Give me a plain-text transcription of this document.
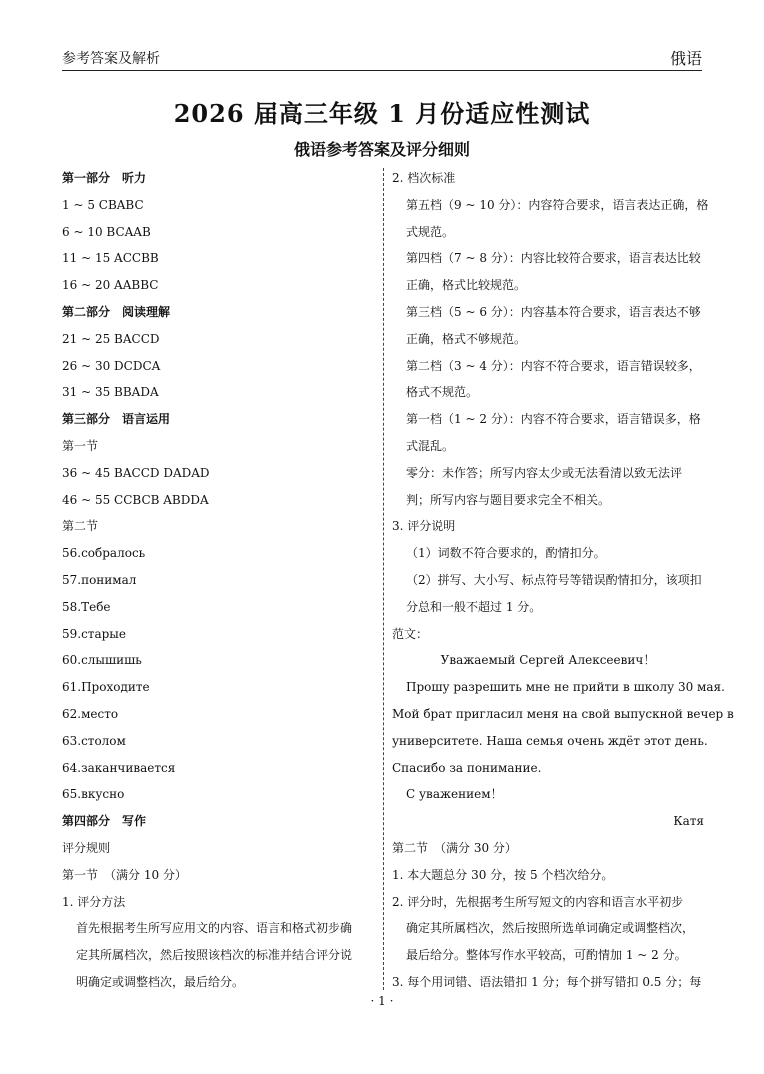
参考答案及解析	俄语
2026 届高三年级 1 月份适应性测试
俄语参考答案及评分细则
第一部分　听力
1 ~ 5 CBABC
6 ~ 10 BCAAB
11 ~ 15 ACCBB
16 ~ 20 AABBC
第二部分　阅读理解
21 ~ 25 BACCD
26 ~ 30 DCDCA
31 ~ 35 BBADA
第三部分　语言运用
第一节
36 ~ 45 BACCD DADAD
46 ~ 55 CCBCB ABDDA
第二节
56.собралось
57.понимал
58.Тебе
59.старые
60.слышишь
61.Проходите
62.место
63.столом
64.заканчивается
65.вкусно
第四部分　写作
评分规则
第一节　（满分 10 分）
1. 评分方法
首先根据考生所写应用文的内容、语言和格式初步确
定其所属档次，然后按照该档次的标准并结合评分说
明确定或调整档次，最后给分。
2. 档次标准
第五档（9 ~ 10 分）：内容符合要求，语言表达正确，格
式规范。
第四档（7 ~ 8 分）：内容比较符合要求，语言表达比较
正确，格式比较规范。
第三档（5 ~ 6 分）：内容基本符合要求，语言表达不够
正确，格式不够规范。
第二档（3 ~ 4 分）：内容不符合要求，语言错误较多，
格式不规范。
第一档（1 ~ 2 分）：内容不符合要求，语言错误多，格
式混乱。
零分：未作答；所写内容太少或无法看清以致无法评
判；所写内容与题目要求完全不相关。
3. 评分说明
（1）词数不符合要求的，酌情扣分。
（2）拼写、大小写、标点符号等错误酌情扣分，该项扣
分总和一般不超过 1 分。
范文：
Уважаемый Сергей Алексеевич！
Прошу разрешить мне не прийти в школу 30 мая.
Мой брат пригласил меня на свой выпускной вечер в
университете. Наша семья очень ждёт этот день.
Спасибо за понимание.
С уважением！
Катя
第二节　（满分 30 分）
1. 本大题总分 30 分，按 5 个档次给分。
2. 评分时，先根据考生所写短文的内容和语言水平初步
确定其所属档次，然后按照所选单词确定或调整档次，
最后给分。整体写作水平较高，可酌情加 1 ~ 2 分。
3. 每个用词错、语法错扣 1 分；每个拼写错扣 0.5 分；每
· 1 ·
